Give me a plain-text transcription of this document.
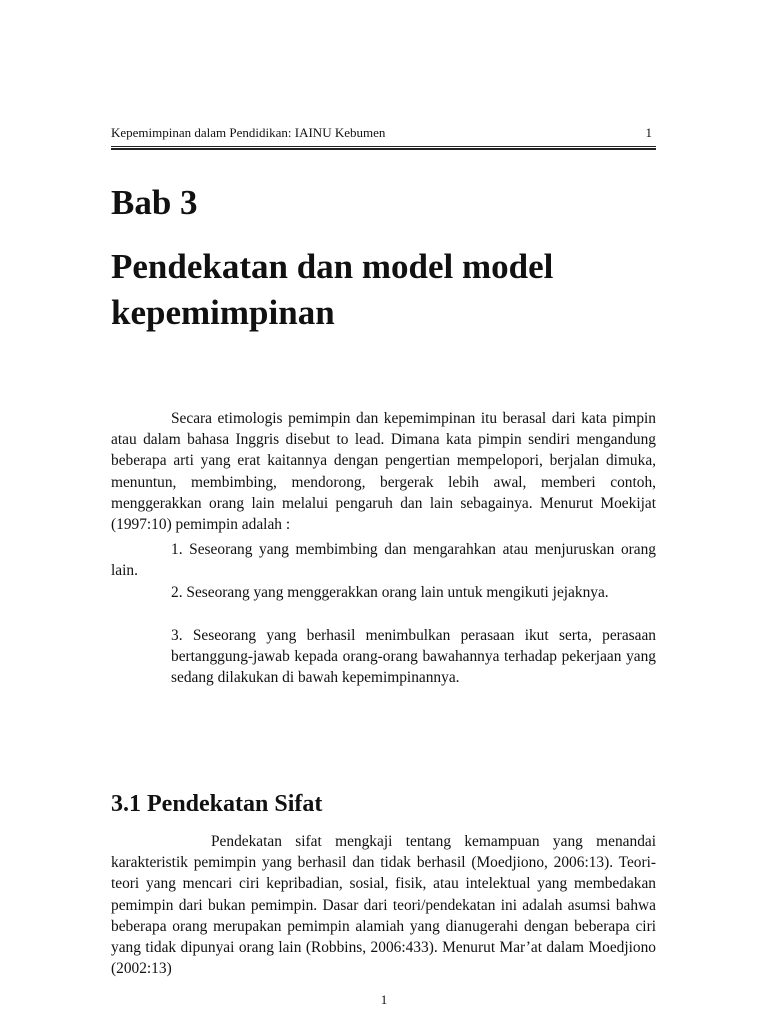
Kepemimpinan dalam Pendidikan: IAINU Kebumen	1
Bab 3
Pendekatan dan model model kepemimpinan

Secara etimologis pemimpin dan kepemimpinan itu berasal dari kata pimpin atau dalam bahasa Inggris disebut to lead. Dimana kata pimpin sendiri mengandung beberapa arti yang erat kaitannya dengan pengertian mempelopori, berjalan dimuka, menuntun, membimbing, mendorong, bergerak lebih awal, memberi contoh, menggerakkan orang lain melalui pengaruh dan lain sebagainya. Menurut Moekijat (1997:10) pemimpin adalah :

1. Seseorang yang membimbing dan mengarahkan atau menjuruskan orang lain.

2. Seseorang yang menggerakkan orang lain untuk mengikuti jejaknya.

3. Seseorang yang berhasil menimbulkan perasaan ikut serta, perasaan bertanggung-jawab kepada orang-orang bawahannya terhadap pekerjaan yang sedang dilakukan di bawah kepemimpinannya.

3.1 Pendekatan Sifat

Pendekatan sifat mengkaji tentang kemampuan yang menandai karakteristik pemimpin yang berhasil dan tidak berhasil (Moedjiono, 2006:13). Teori-teori yang mencari ciri kepribadian, sosial, fisik, atau intelektual yang membedakan pemimpin dari bukan pemimpin. Dasar dari teori/pendekatan ini adalah asumsi bahwa beberapa orang merupakan pemimpin alamiah yang dianugerahi dengan beberapa ciri yang tidak dipunyai orang lain (Robbins, 2006:433). Menurut Mar’at dalam Moedjiono (2002:13)

1
